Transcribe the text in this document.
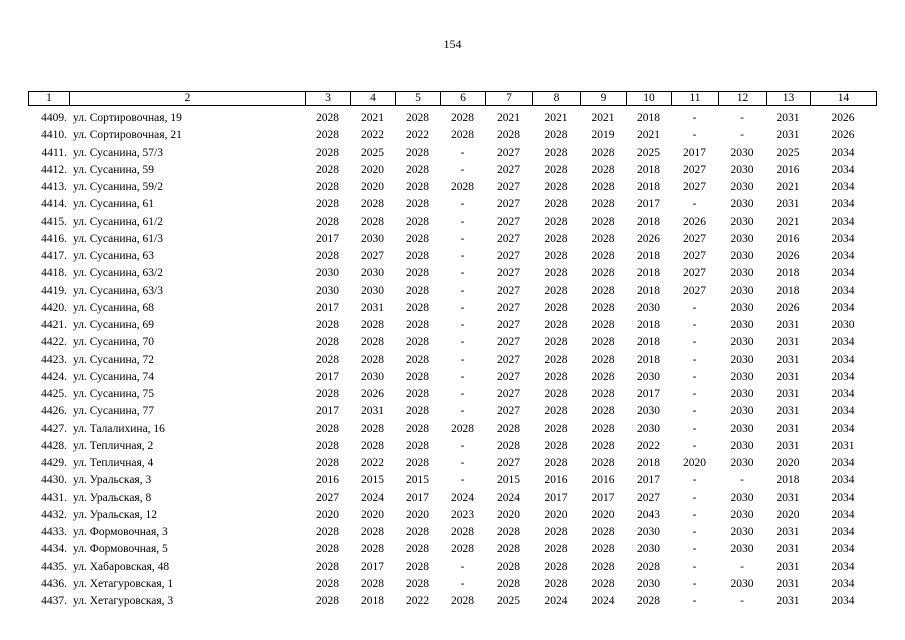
154
1	2	3	4	5	6	7	8	9	10	11	12	13	14
4409.	ул. Сортировочная, 19	2028	2021	2028	2028	2021	2021	2021	2018	-	-	2031	2026
4410.	ул. Сортировочная, 21	2028	2022	2022	2028	2028	2028	2019	2021	-	-	2031	2026
4411.	ул. Сусанина, 57/3	2028	2025	2028	-	2027	2028	2028	2025	2017	2030	2025	2034
4412.	ул. Сусанина, 59	2028	2020	2028	-	2027	2028	2028	2018	2027	2030	2016	2034
4413.	ул. Сусанина, 59/2	2028	2020	2028	2028	2027	2028	2028	2018	2027	2030	2021	2034
4414.	ул. Сусанина, 61	2028	2028	2028	-	2027	2028	2028	2017	-	2030	2031	2034
4415.	ул. Сусанина, 61/2	2028	2028	2028	-	2027	2028	2028	2018	2026	2030	2021	2034
4416.	ул. Сусанина, 61/3	2017	2030	2028	-	2027	2028	2028	2026	2027	2030	2016	2034
4417.	ул. Сусанина, 63	2028	2027	2028	-	2027	2028	2028	2018	2027	2030	2026	2034
4418.	ул. Сусанина, 63/2	2030	2030	2028	-	2027	2028	2028	2018	2027	2030	2018	2034
4419.	ул. Сусанина, 63/3	2030	2030	2028	-	2027	2028	2028	2018	2027	2030	2018	2034
4420.	ул. Сусанина, 68	2017	2031	2028	-	2027	2028	2028	2030	-	2030	2026	2034
4421.	ул. Сусанина, 69	2028	2028	2028	-	2027	2028	2028	2018	-	2030	2031	2030
4422.	ул. Сусанина, 70	2028	2028	2028	-	2027	2028	2028	2018	-	2030	2031	2034
4423.	ул. Сусанина, 72	2028	2028	2028	-	2027	2028	2028	2018	-	2030	2031	2034
4424.	ул. Сусанина, 74	2017	2030	2028	-	2027	2028	2028	2030	-	2030	2031	2034
4425.	ул. Сусанина, 75	2028	2026	2028	-	2027	2028	2028	2017	-	2030	2031	2034
4426.	ул. Сусанина, 77	2017	2031	2028	-	2027	2028	2028	2030	-	2030	2031	2034
4427.	ул. Талалихина, 16	2028	2028	2028	2028	2028	2028	2028	2030	-	2030	2031	2034
4428.	ул. Тепличная, 2	2028	2028	2028	-	2028	2028	2028	2022	-	2030	2031	2031
4429.	ул. Тепличная, 4	2028	2022	2028	-	2027	2028	2028	2018	2020	2030	2020	2034
4430.	ул. Уральская, 3	2016	2015	2015	-	2015	2016	2016	2017	-	-	2018	2034
4431.	ул. Уральская, 8	2027	2024	2017	2024	2024	2017	2017	2027	-	2030	2031	2034
4432.	ул. Уральская, 12	2020	2020	2020	2023	2020	2020	2020	2043	-	2030	2020	2034
4433.	ул. Формовочная, 3	2028	2028	2028	2028	2028	2028	2028	2030	-	2030	2031	2034
4434.	ул. Формовочная, 5	2028	2028	2028	2028	2028	2028	2028	2030	-	2030	2031	2034
4435.	ул. Хабаровская, 48	2028	2017	2028	-	2028	2028	2028	2028	-	-	2031	2034
4436.	ул. Хетагуровская, 1	2028	2028	2028	-	2028	2028	2028	2030	-	2030	2031	2034
4437.	ул. Хетагуровская, 3	2028	2018	2022	2028	2025	2024	2024	2028	-	-	2031	2034
